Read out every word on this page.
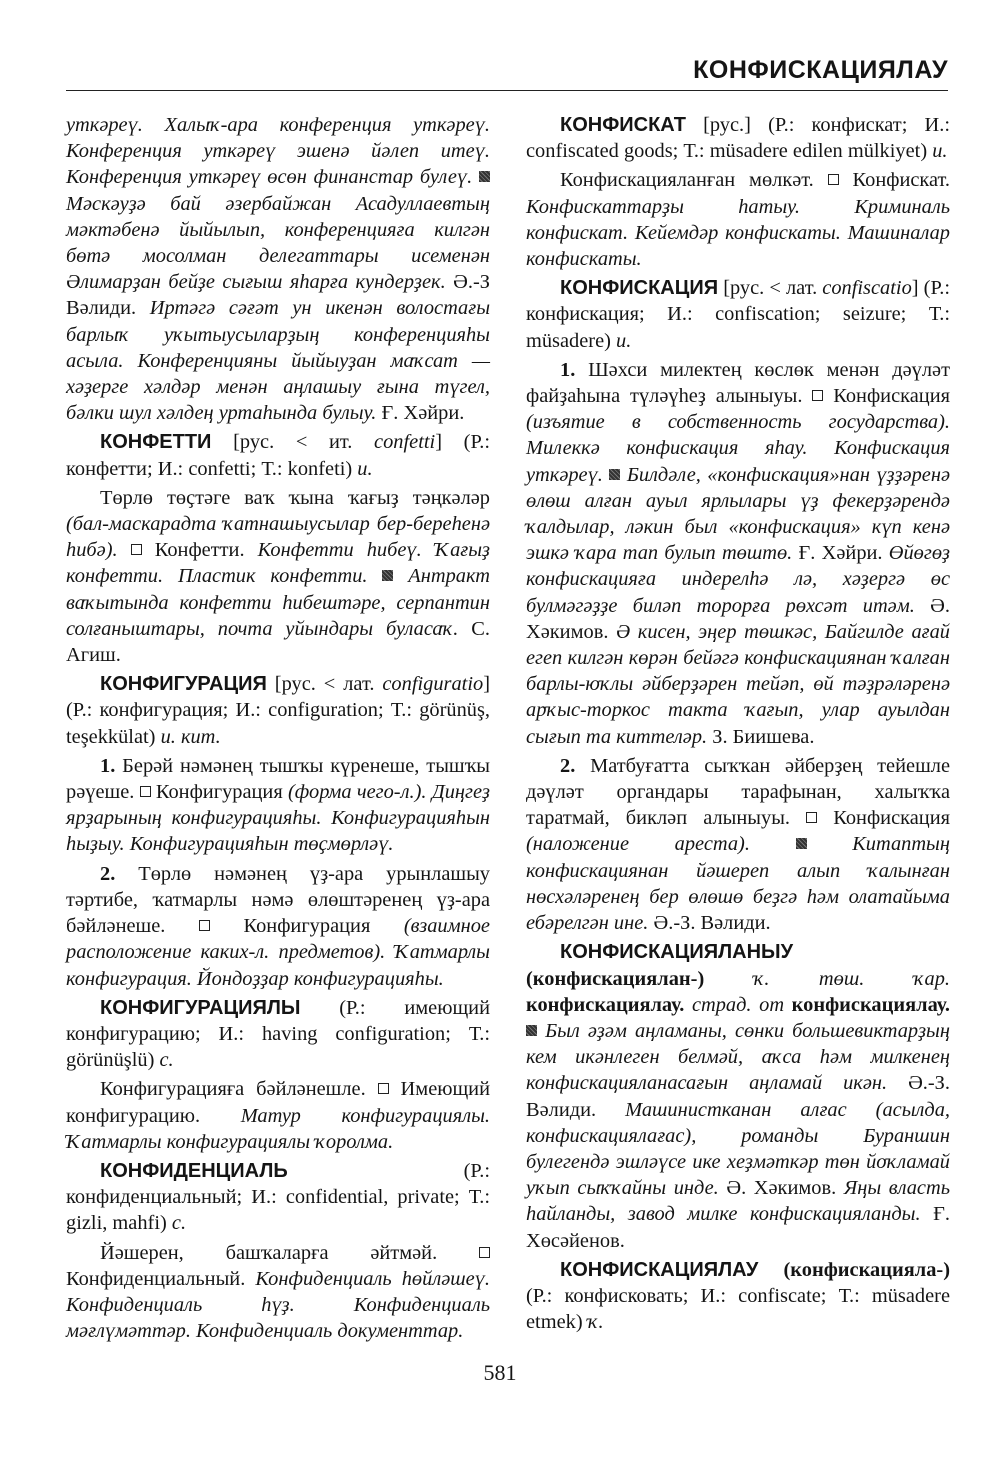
КОНФИСКАЦИЯЛАУ

уткәреү. Халыҡ-ара конференция уткәреү. Конференция уткәреү эшенә йәлеп итеү. Конференция уткәреү өсөн финанстар булеү.  Мәскәуҙә бай әзербайжан Асадуллаевтың мәктәбенә йыйылып, конференцияға килгән бөтә мосолман делегаттары исеменән Әлимарҙан бейҙе сығыш яһарға кундерҙек. Ә.-З Вәлиди. Иртәгә сәғәт ун икенән волостағы барлыҡ уҡытыусыларҙың конференцияһы асыла. Конференцияны йыйыуҙан маҡсат — хәҙерге хәлдәр менән аңлашыу ғына түгел, бәлки шул хәлдең уртаһында булыу. Ғ. Хәйри.

КОНФЕТТИ [рус. < ит. confetti] (Р.: конфетти; И.: confetti; Т.: konfeti) и.

Төрлө төҫтәге ваҡ ҡына ҡағыҙ тәңкәләр (бал-маскарадта ҡатнашыусылар бер-береһенә һибә).  Конфетти. Конфетти һибеү. Ҡағыҙ конфетти. Пластик конфетти. Антракт ваҡытында конфетти һибештәре, серпантин солғаныштары, почта уйындары буласаҡ. С. Агиш.

КОНФИГУРАЦИЯ [рус. < лат. configuratio] (Р.: конфигурация; И.: configuration; Т.: görünüş, teşekkülat) и. кит.

1. Берәй нәмәнең тышҡы күренеше, тышҡы рәүеше.  Конфигурация (форма чего-л.). Диңгеҙ ярҙарының конфигурацияһы. Конфигурацияһын һыҙыу. Конфигурацияһын төҫмөрләү.

2. Төрлө нәмәнең үҙ-ара урынлашыу тәртибе, ҡатмарлы нәмә өлөштәренең үҙ-ара бәйләнеше.  Конфигурация (взаимное расположение каких-л. предметов). Ҡатмарлы конфигурация. Йондоҙҙар конфигурацияһы.

КОНФИГУРАЦИЯЛЫ (Р.: имеющий конфигурацию; И.: having configuration; Т.: görünüşlü) с.

Конфигурацияға бәйләнешле.  Имеющий конфигурацию. Матур конфигурациялы. Ҡатмарлы конфигурациялы ҡоролма.

КОНФИДЕНЦИАЛЬ (Р.: конфиденциальный; И.: confidential, private; Т.: gizli, mahfi) с.

Йәшерен, башҡаларға әйтмәй.  Конфиденциальный. Конфиденциаль һөйләшеү. Конфиденциаль һүҙ. Конфиденциаль мәғлүмәттәр. Конфиденциаль документтар.

КОНФИСКАТ [рус.] (Р.: конфискат; И.: confiscated goods; Т.: müsadere edilen mülkiyet) и.

Конфискацияланған мөлкәт.  Конфискат. Конфискаттарҙы һатыу. Криминаль конфискат. Кейемдәр конфискаты. Машиналар конфискаты.

КОНФИСКАЦИЯ [рус. < лат. confiscatio] (Р.: конфискация; И.: confiscation; seizure; Т.: müsadere) и.

1. Шәхси милектең көслөк менән дәүләт файҙаһына түләүһеҙ алыныуы.  Конфискация (изъятие в собственность государства). Милеккә конфискация яһау. Конфискация уткәреү.  Билдәле, «конфискация»нан үҙҙәренә өлөш алған ауыл ярлылары үҙ фекерҙәрендә ҡалдылар, ләкин был «конфискация» күп кенә эшкә ҡара тап булып төштө. Ғ. Хәйри. Өйөгөҙ конфискацияға индерелһә лә, хәҙергә өс булмәгәҙҙе биләп торорға рөхсәт итәм. Ә. Хәкимов. Ә кисен, эңер төшкәс, Байгилде ағай егеп килгән көрән бейәгә конфискациянан ҡалған барлы-юҡлы әйберҙәрен тейәп, өй тәҙрәләренә арҡыс-торкос такта ҡағып, улар ауылдан сығып та киттеләр. З. Биишева.

2. Матбуғатта сыҡҡан әйберҙең тейешле дәүләт органдары тарафынан, халыҡҡа таратмай, бикләп алыныуы.  Конфискация (наложение ареста).	Китаптың конфискациянан йәшереп алып ҡалынған нөсхәләренең бер өлөшө беҙгә һәм олатайыма ебәрелгән ине. Ә.-З. Вәлиди.

КОНФИСКАЦИЯЛАНЫУ (конфискациялан-) ҡ. төш. ҡар. конфискациялау. страд. от конфискациялау.  Был әҙәм аңламаны, сөнки большевиктарҙың кем икәнлеген белмәй, аҡса һәм милкенең конфискацияланасағын аңламай икән. Ә.-З. Вәлиди. Машинистканан алғас (асылда, конфискациялағас), романды Бураншин булегендә эшләүсе ике хеҙмәткәр төн йоҡламай уҡып сыҡҡайны инде. Ә. Хәкимов. Яңы власть һайланды, завод милке конфискацияланды. Ғ. Хөсәйенов.

КОНФИСКАЦИЯЛАУ (конфискациялa-) (Р.: конфисковать; И.: confiscate; Т.: müsadere etmek) ҡ.

581
